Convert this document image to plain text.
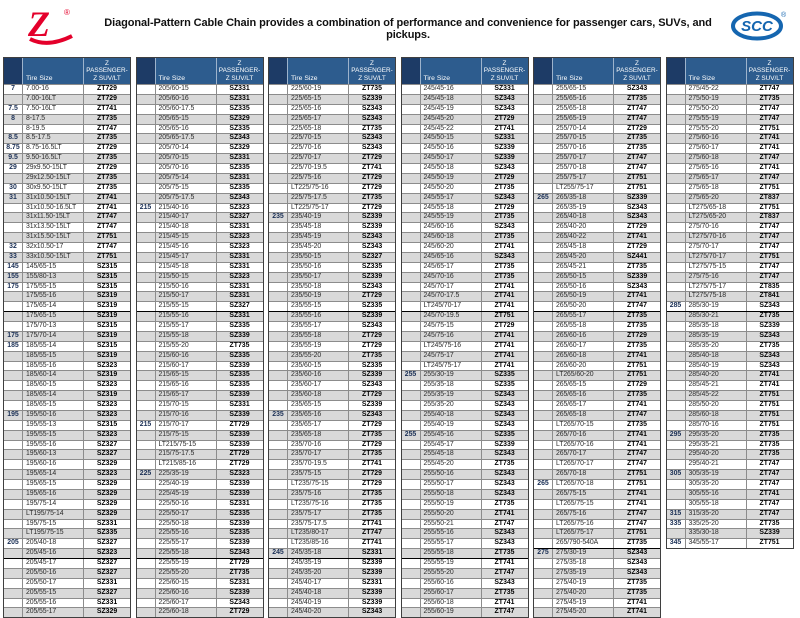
Z ®
Diagonal-Pattern Cable Chain provides a combination of performance and convenience for passenger cars, SUVs, and pickups.	SCC
®
Tire Size
Z PASSENGER-
Z SUV/LT
7	7.00-16	ZT729
7.00-16LT	ZT729
7.5	7.50-16LT	ZT741
8	8-17.5	ZT735
8-19.5	ZT747
8.5	8.5-17.5	ZT735
8.75 8.75-16.5LT	ZT729
9.5	9.50-16.5LT	ZT735
29	29x9.50-15LT	ZT729
29x12.50-15LT	ZT735
30	30x9.50-15LT	ZT735
31	31x10.50-15LT	ZT741
31x10.50-16.5LT	ZT741
31x11.50-15LT	ZT747
31x13.50-15LT	ZT747
31x15.50-15LT	ZT751
32	32x10.50-17	ZT747
33	33x10.50-15LT	ZT751
145	145/65-15	SZ315
155	155/80-13	SZ315
175	175/55-15	SZ315
175/55-16	SZ319
175/65-14	SZ319
175/65-15	SZ319
175/70-13	SZ315
175	175/70-14	SZ319
185	185/55-14	SZ315
185/55-15	SZ319
185/55-16	SZ323
185/60-14	SZ319
185/60-15	SZ323
185/65-14	SZ319
185/65-15	SZ323
195	195/50-16	SZ323
195/55-13	SZ315
195/55-15	SZ323
195/55-16	SZ327
195/60-13	SZ327
195/60-16	SZ329
195/65-14	SZ323
195/65-15	SZ329
195/65-16	SZ329
195/75-14	SZ329
LT195/75-14	SZ329
195/75-15	SZ331
LT195/75-15	SZ335
205	205/40-18	SZ327
205/45-16	SZ323
205/45-17	SZ327
205/50-16	SZ327
205/50-17	SZ331
205/55-15	SZ327
205/55-16	SZ331
205/55-17	SZ329
Tire Size
Z PASSENGER-
Z SUV/LT
205/60-15	SZ331
205/60-16	SZ331
205/60-17.5	SZ335
205/65-15	SZ329
205/65-16	SZ335
205/65-17.5	SZ343
205/70-14	SZ329
205/70-15	SZ331
205/70-16	SZ335
205/75-14	SZ331
205/75-15	SZ335
205/75-17.5	SZ343
215	215/40-16	SZ323
215/40-17	SZ327
215/40-18	SZ331
215/45-15	SZ323
215/45-16	SZ323
215/45-17	SZ331
215/45-18	SZ331
215/50-15	SZ323
215/50-16	SZ331
215/50-17	SZ331
215/55-15	SZ327
215/55-16	SZ331
215/55-17	SZ335
215/55-18	SZ339
215/55-20	ZT735
215/60-16	SZ335
215/60-17	SZ339
215/65-15	SZ335
215/65-16	SZ335
215/65-17	SZ339
215/70-15	SZ331
215/70-16	SZ339
215	215/70-17	ZT729
215/75-15	SZ339
LT215/75-15	SZ339
215/75-17.5	ZT729
LT215/85-16	ZT729
225	225/35-19	SZ323
225/40-19	SZ339
225/45-19	SZ339
225/50-16	SZ331
225/50-17	SZ335
225/50-18	SZ339
225/55-16	SZ335
225/55-17	SZ339
225/55-18	SZ343
225/55-19	ZT729
225/55-20	ZT735
225/60-15	SZ331
225/60-16	SZ339
225/60-17	SZ343
225/60-18	ZT729
Tire Size
Z PASSENGER-
Z SUV/LT
225/60-19	ZT735
225/65-15	SZ339
225/65-16	SZ343
225/65-17	SZ343
225/65-18	ZT735
225/70-15	SZ343
225/70-16	SZ343
225/70-17	ZT729
225/70-19.5	ZT741
225/75-16	ZT729
LT225/75-16	ZT729
225/75-17.5	ZT735
LT225/75-17	ZT729
235	235/40-19	SZ339
235/45-18	SZ339
235/45-19	SZ343
235/45-20	SZ343
235/50-15	SZ327
235/50-16	SZ335
235/50-17	SZ339
235/50-18	SZ343
235/50-19	ZT729
235/55-15	SZ335
235/55-16	SZ339
235/55-17	SZ343
235/55-18	ZT729
235/55-19	ZT729
235/55-20	ZT735
235/60-15	SZ335
235/60-16	SZ339
235/60-17	SZ343
235/60-18	ZT729
235/65-15	SZ339
235	235/65-16	SZ343
235/65-17	ZT729
235/65-18	ZT735
235/70-16	ZT729
235/70-17	ZT735
235/70-19.5	ZT741
235/75-15	ZT729
LT235/75-15	ZT729
235/75-16	ZT735
LT235/75-16	ZT735
235/75-17	ZT735
235/75-17.5	ZT741
LT235/80-17	ZT747
LT235/85-16	ZT741
245	245/35-18	SZ331
245/35-19	SZ339
245/35-20	SZ339
245/40-17	SZ331
245/40-18	SZ339
245/40-19	SZ339
245/40-20	SZ343
Tire Size
Z PASSENGER-
Z SUV/LT
245/45-16	SZ331
245/45-18	SZ343
245/45-19	SZ343
245/45-20	ZT729
245/45-22	ZT741
245/50-15	SZ331
245/50-16	SZ339
245/50-17	SZ339
245/50-18	SZ343
245/50-19	ZT729
245/50-20	ZT735
245/55-17	SZ343
245/55-18	ZT729
245/55-19	ZT735
245/60-16	SZ343
245/60-18	ZT735
245/60-20	ZT741
245/65-16	SZ343
245/65-17	ZT735
245/70-16	ZT735
245/70-17	ZT741
245/70-17.5	ZT741
LT245/70-17	ZT741
245/70-19.5	ZT751
245/75-15	ZT729
245/75-16	ZT741
LT245/75-16	ZT741
245/75-17	ZT741
LT245/75-17	ZT741
255	255/30-19	SZ335
255/35-18	SZ335
255/35-19	SZ343
255/35-20	SZ343
255/40-18	SZ343
255/40-19	SZ343
255	255/45-16	SZ335
255/45-17	SZ339
255/45-18	SZ343
255/45-20	ZT735
255/50-16	SZ343
255/50-17	SZ343
255/50-18	SZ343
255/50-19	ZT735
255/50-20	ZT741
255/50-21	ZT747
255/55-16	SZ343
255/55-17	SZ343
255/55-18	ZT735
255/55-19	ZT741
255/55-20	ZT747
255/60-16	SZ343
255/60-17	ZT735
255/60-18	ZT741
255/60-19	ZT747
Tire Size
Z PASSENGER-
Z SUV/LT
255/65-15	SZ343
255/65-16	ZT735
255/65-18	ZT747
255/65-19	ZT747
255/70-14	ZT729
255/70-15	ZT735
255/70-16	ZT735
255/70-17	ZT747
255/70-18	ZT747
255/75-17	ZT751
LT255/75-17	ZT751
265	265/35-18	SZ339
265/35-19	SZ343
265/40-18	SZ343
265/40-20	ZT729
265/40-22	ZT741
265/45-18	ZT729
265/45-20	SZ441
265/45-21	ZT735
265/50-15	SZ339
265/50-16	SZ343
265/50-19	ZT741
265/50-20	ZT747
265/55-17	ZT735
265/55-18	ZT735
265/60-16	ZT729
265/60-17	ZT735
265/60-18	ZT741
265/60-20	ZT751
LT265/60-20	ZT751
265/65-15	ZT729
265/65-16	ZT735
265/65-17	ZT741
265/65-18	ZT747
LT265/70-15	ZT735
265/70-16	ZT741
LT265/70-16	ZT741
265/70-17	ZT747
LT265/70-17	ZT747
265/70-18	ZT751
265	LT265/70-18	ZT751
265/75-15	ZT741
LT265/75-15	ZT741
265/75-16	ZT747
LT265/75-16	ZT747
LT265/75-17	ZT751
265/790-540A	ZT735
275	275/30-19	SZ343
275/35-18	SZ343
275/35-19	SZ343
275/40-19	ZT735
275/40-20	ZT735
275/45-19	ZT741
275/45-20	ZT741
Tire Size
Z PASSENGER-
Z SUV/LT
275/45-22	ZT747
275/50-19	ZT735
275/50-20	ZT747
275/55-19	ZT747
275/55-20	ZT751
275/60-16	ZT741
275/60-17	ZT741
275/60-18	ZT747
275/65-16	ZT741
275/65-17	ZT747
275/65-18	ZT751
275/65-20	ZT837
LT275/65-18	ZT751
LT275/65-20	ZT837
275/70-16	ZT747
LT275/70-16	ZT747
275/70-17	ZT747
LT275/70-17	ZT751
LT275/75-15	ZT747
275/75-16	ZT747
LT275/75-17	ZT835
LT275/75-18	ZT841
285	285/30-19	SZ343
285/30-21	ZT735
285/35-18	SZ339
285/35-19	SZ343
285/35-20	ZT735
285/40-18	SZ343
285/40-19	SZ343
285/40-20	ZT741
285/45-21	ZT741
285/45-22	ZT751
285/50-20	ZT751
285/60-18	ZT751
285/70-16	ZT751
295	295/35-20	ZT735
295/35-21	ZT735
295/40-20	ZT735
295/40-21	ZT747
305	305/35-19	ZT747
305/35-20	ZT747
305/55-16	ZT741
305/55-18	ZT747
315	315/35-20	ZT747
335	335/25-20	ZT735
335/30-18	SZ339
345	345/55-17	ZT751
